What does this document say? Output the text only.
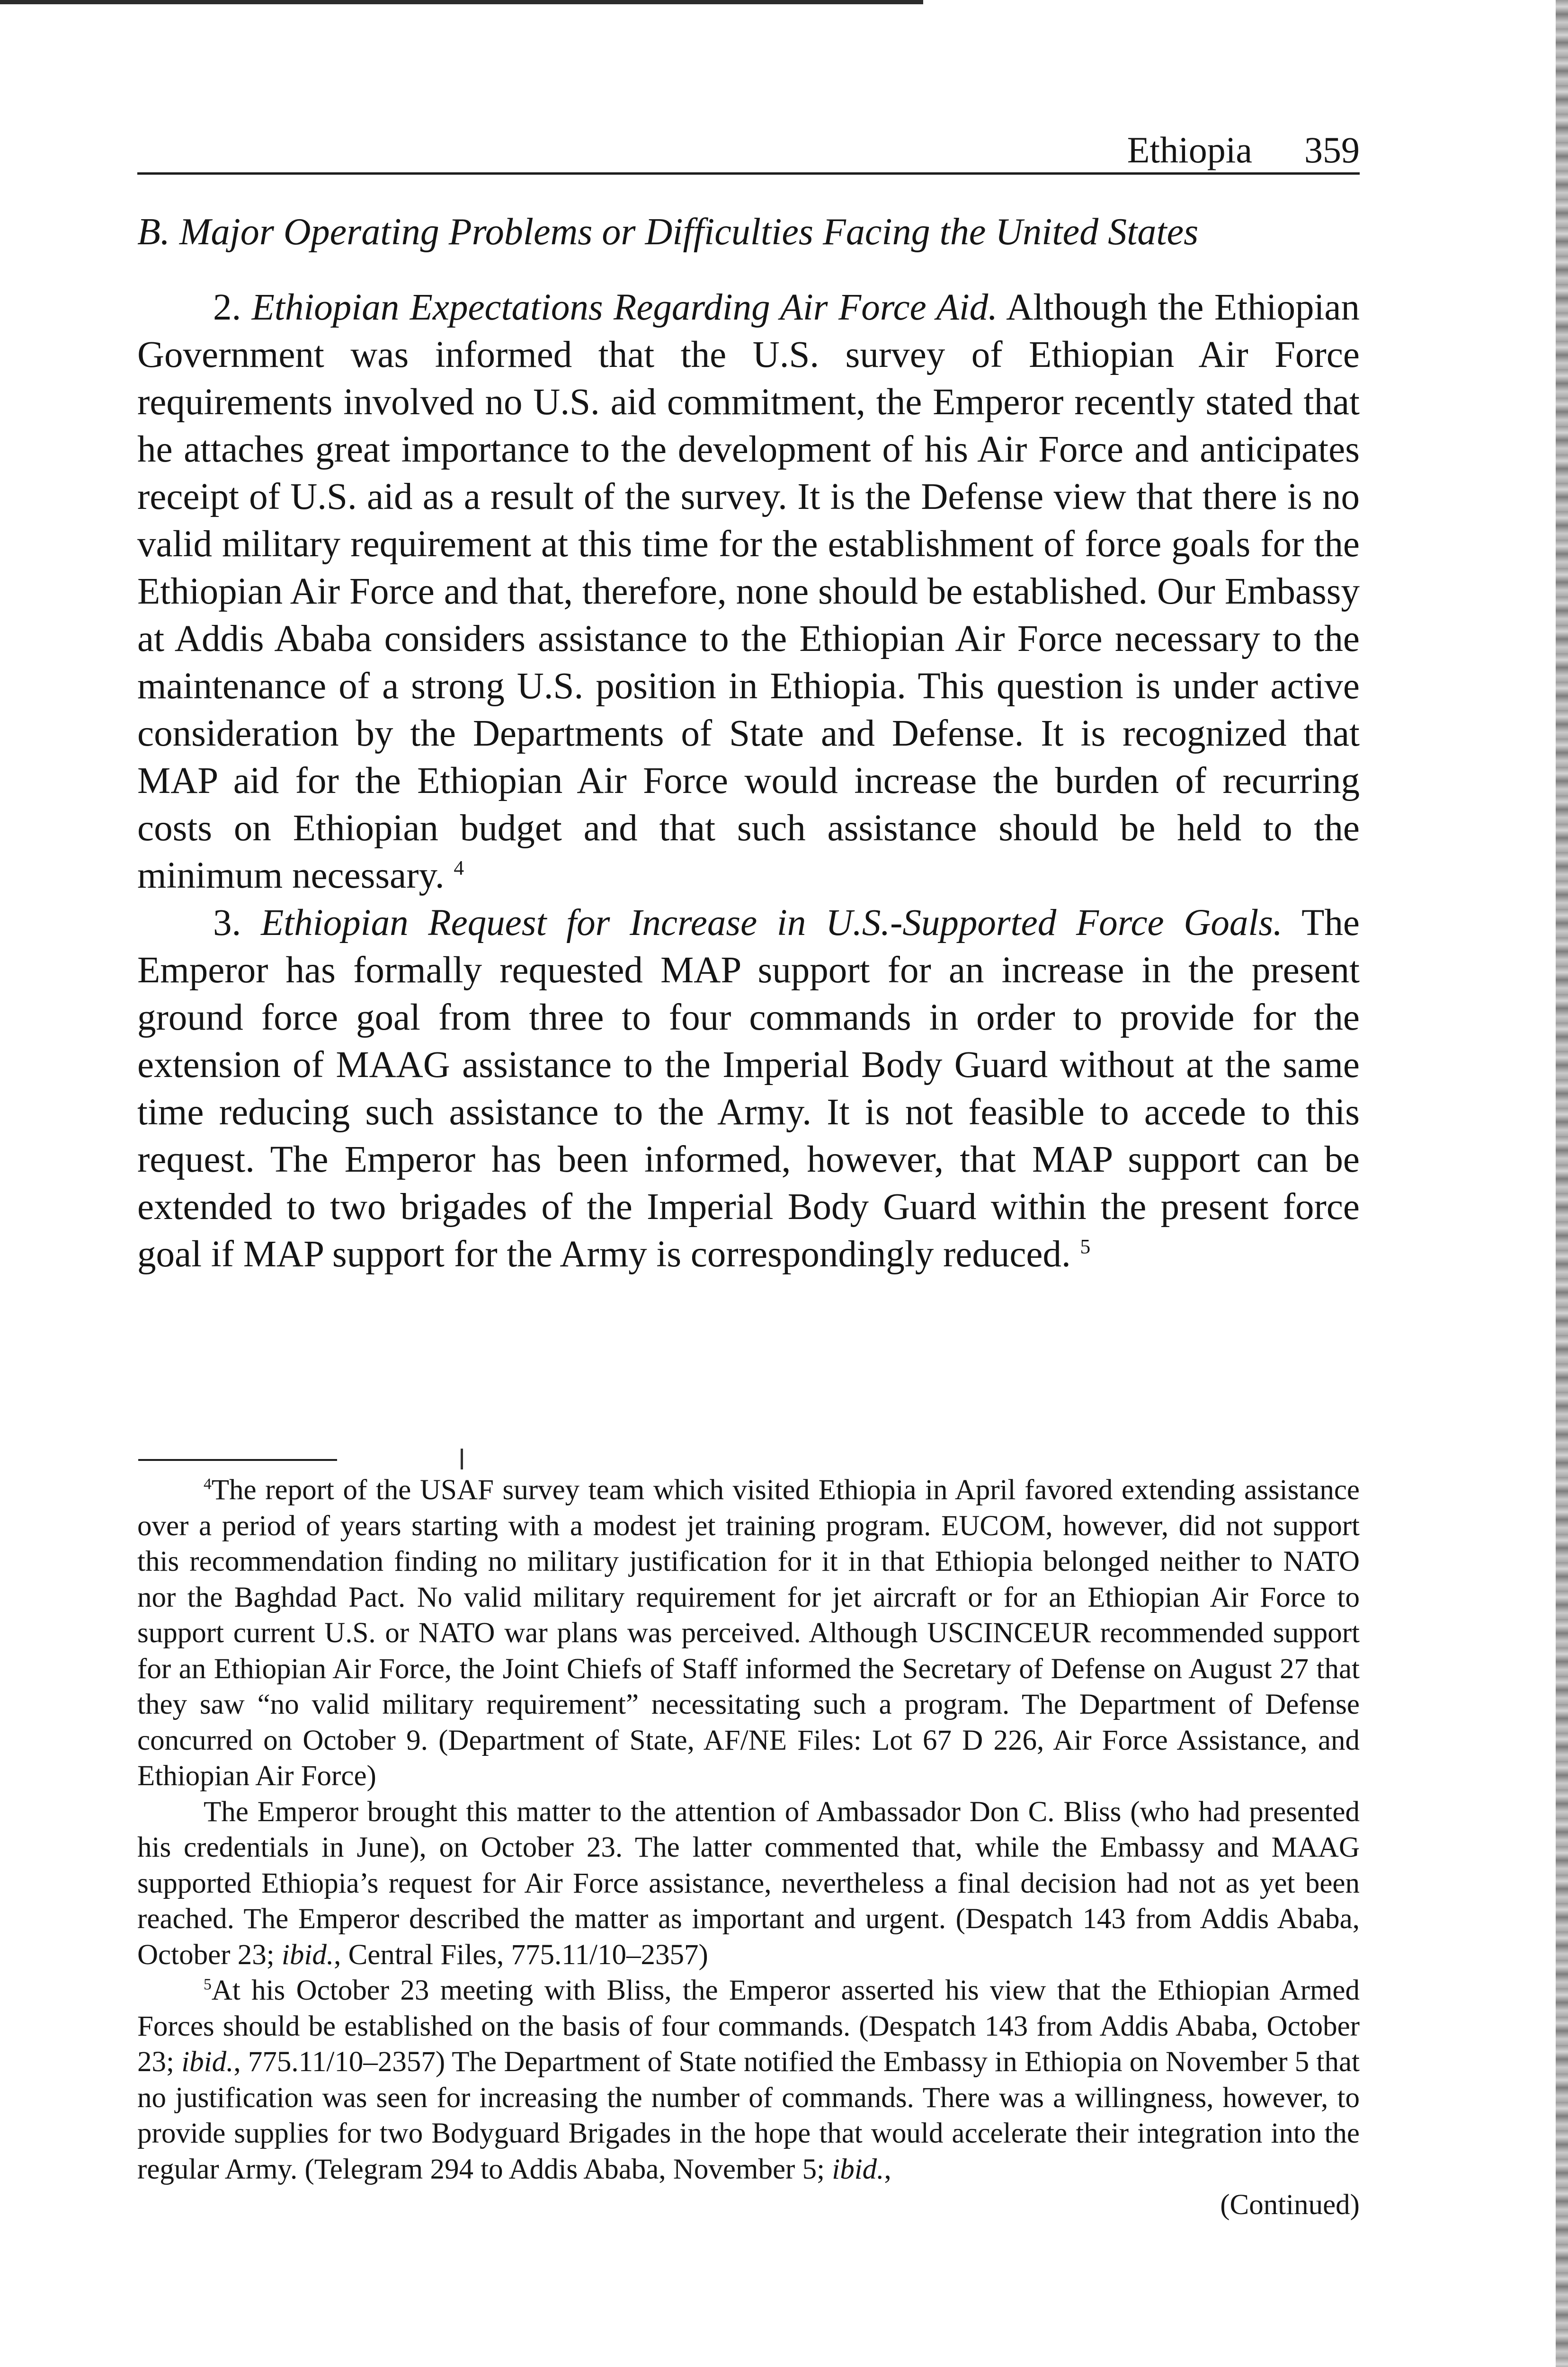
Ethiopia 359
B. Major Operating Problems or Difficulties Facing the United States

2. Ethiopian Expectations Regarding Air Force Aid. Although the Ethiopian Government was informed that the U.S. survey of Ethiopian Air Force requirements involved no U.S. aid commitment, the Emperor recently stated that he attaches great importance to the development of his Air Force and anticipates receipt of U.S. aid as a result of the survey. It is the Defense view that there is no valid military requirement at this time for the establishment of force goals for the Ethiopian Air Force and that, therefore, none should be established. Our Embassy at Addis Ababa considers assistance to the Ethiopian Air Force necessary to the maintenance of a strong U.S. position in Ethiopia. This question is under active consideration by the Departments of State and Defense. It is recognized that MAP aid for the Ethiopian Air Force would increase the burden of recurring costs on Ethiopian budget and that such assistance should be held to the minimum necessary. $^4$

3. Ethiopian Request for Increase in U.S.-Supported Force Goals. The Emperor has formally requested MAP support for an increase in the present ground force goal from three to four commands in order to provide for the extension of MAAG assistance to the Imperial Body Guard without at the same time reducing such assistance to the Army. It is not feasible to accede to this request. The Emperor has been informed, however, that MAP support can be extended to two brigades of the Imperial Body Guard within the present force goal if MAP support for the Army is correspondingly reduced. $^5$

$^4$The report of the USAF survey team which visited Ethiopia in April favored extending assistance over a period of years starting with a modest jet training program. EUCOM, however, did not support this recommendation finding no military justification for it in that Ethiopia belonged neither to NATO nor the Baghdad Pact. No valid military requirement for jet aircraft or for an Ethiopian Air Force to support current U.S. or NATO war plans was perceived. Although USCINCEUR recommended support for an Ethiopian Air Force, the Joint Chiefs of Staff informed the Secretary of Defense on August 27 that they saw “no valid military requirement” necessitating such a program. The Department of Defense concurred on October 9. (Department of State, AF/NE Files: Lot 67 D 226, Air Force Assistance, and Ethiopian Air Force)

The Emperor brought this matter to the attention of Ambassador Don C. Bliss (who had presented his credentials in June), on October 23. The latter commented that, while the Embassy and MAAG supported Ethiopia’s request for Air Force assistance, nevertheless a final decision had not as yet been reached. The Emperor described the matter as important and urgent. (Despatch 143 from Addis Ababa, October 23; ibid., Central Files, 775.11/10–2357)

$^5$At his October 23 meeting with Bliss, the Emperor asserted his view that the Ethiopian Armed Forces should be established on the basis of four commands. (Despatch 143 from Addis Ababa, October 23; ibid., 775.11/10–2357) The Department of State notified the Embassy in Ethiopia on November 5 that no justification was seen for increasing the number of commands. There was a willingness, however, to provide supplies for two Bodyguard Brigades in the hope that would accelerate their integration into the regular Army. (Telegram 294 to Addis Ababa, November 5; ibid.,

(Continued)
